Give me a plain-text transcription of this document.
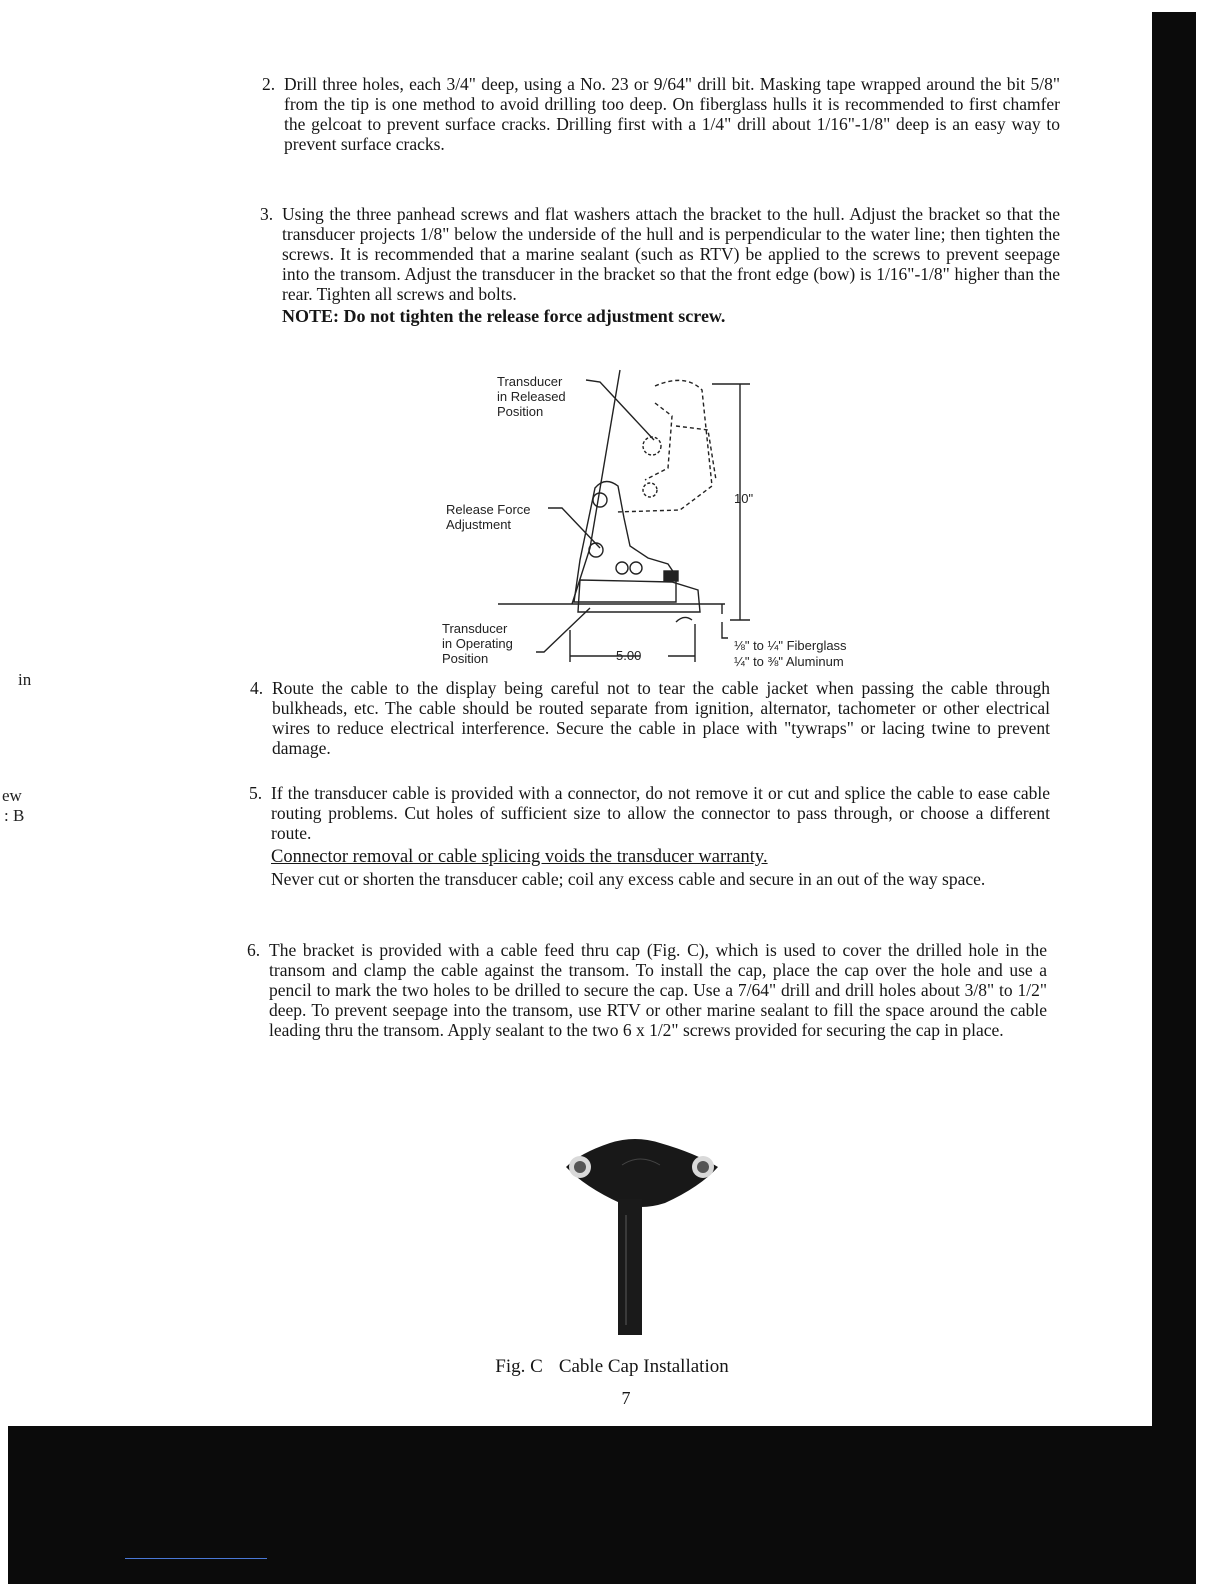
in
ew
: B
2. Drill three holes, each 3/4" deep, using a No. 23 or 9/64" drill bit. Masking tape wrapped around the bit 5/8" from the tip is one method to avoid drilling too deep. On fiberglass hulls it is recommended to first chamfer the gelcoat to prevent surface cracks. Drilling first with a 1/4" drill about 1/16"-1/8" deep is an easy way to prevent surface cracks.

3. Using the three panhead screws and flat washers attach the bracket to the hull. Adjust the bracket so that the transducer projects 1/8" below the underside of the hull and is perpendicular to the water line; then tighten the screws. It is recommended that a marine sealant (such as RTV) be applied to the screws to prevent seepage into the transom. Adjust the transducer in the bracket so that the front edge (bow) is 1/16"-1/8" higher than the rear. Tighten all screws and bolts.

NOTE: Do not tighten the release force adjustment screw.
Transducer
in Released
Position
Release Force
Adjustment
Transducer
in Operating
Position
10"
5.00
⅛" to ¼" Fiberglass
¼" to ⅜" Aluminum
4. Route the cable to the display being careful not to tear the cable jacket when passing the cable through bulkheads, etc. The cable should be routed separate from ignition, alternator, tachometer or other electrical wires to reduce electrical interference. Secure the cable in place with "tywraps" or lacing twine to prevent damage.

5. If the transducer cable is provided with a connector, do not remove it or cut and splice the cable to ease cable routing problems. Cut holes of sufficient size to allow the connector to pass through, or choose a different route.

Connector removal or cable splicing voids the transducer warranty.

Never cut or shorten the transducer cable; coil any excess cable and secure in an out of the way space.

6. The bracket is provided with a cable feed thru cap (Fig. C), which is used to cover the drilled hole in the transom and clamp the cable against the transom. To install the cap, place the cap over the hole and use a pencil to mark the two holes to be drilled to secure the cap. Use a 7/64" drill and drill holes about 3/8" to 1/2" deep. To prevent seepage into the transom, use RTV or other marine sealant to fill the space around the cable leading thru the transom. Apply sealant to the two 6 x 1/2" screws provided for securing the cap in place.

Fig. C Cable Cap Installation
7
